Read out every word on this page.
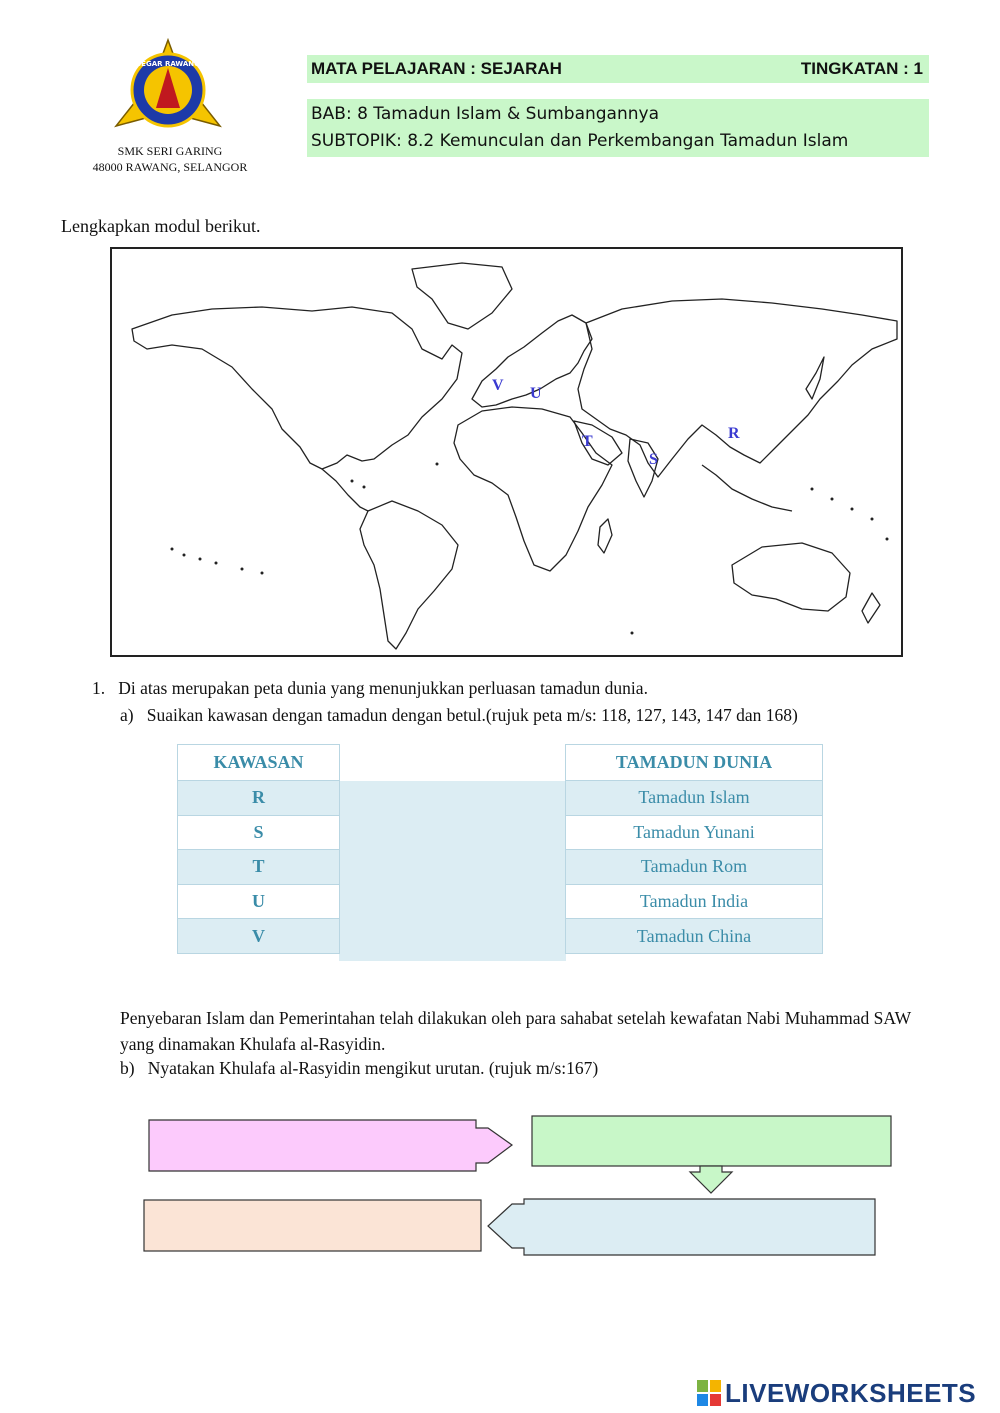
SEGAR RAWANG
SMK SERI GARING
48000 RAWANG, SELANGOR
MATA PELAJARAN : SEJARAH	TINGKATAN : 1
BAB: 8 Tamadun Islam & Sumbangannya
SUBTOPIK: 8.2 Kemunculan dan Perkembangan Tamadun Islam
Lengkapkan modul berikut.
V U
T
S
R
1. Di atas merupakan peta dunia yang menunjukkan perluasan tamadun dunia.
a) Suaikan kawasan dengan tamadun dengan betul.(rujuk peta m/s: 118, 127, 143, 147 dan 168)
KAWASAN
R
S
T
U
V
TAMADUN DUNIA
Tamadun Islam
Tamadun Yunani
Tamadun Rom
Tamadun India
Tamadun China
Penyebaran Islam dan Pemerintahan telah dilakukan oleh para sahabat setelah kewafatan Nabi Muhammad SAW yang dinamakan Khulafa al-Rasyidin.
b) Nyatakan Khulafa al-Rasyidin mengikut urutan. (rujuk m/s:167)
LIVEWORKSHEETS
